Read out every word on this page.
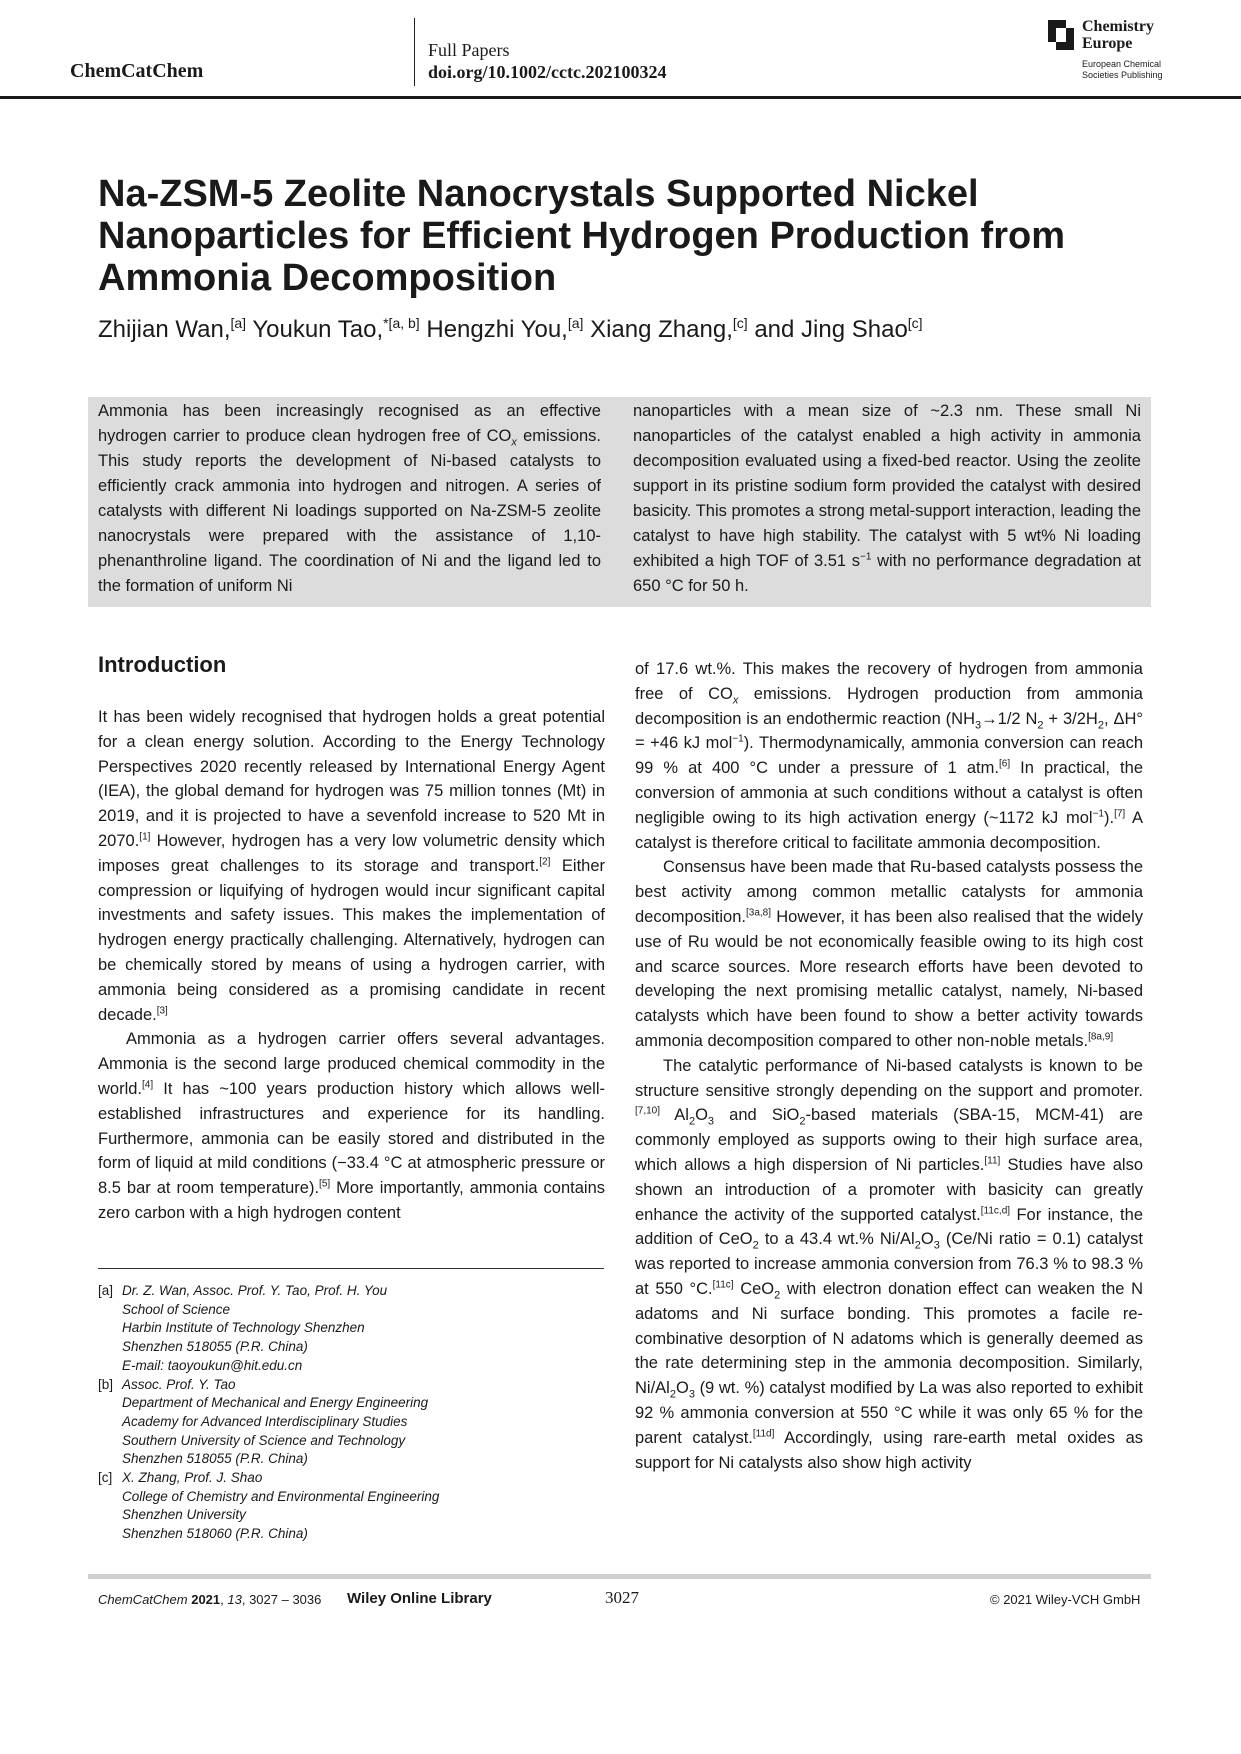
ChemCatChem
Full Papers
doi.org/10.1002/cctc.202100324
Chemistry
Europe
European Chemical
Societies Publishing
Na-ZSM-5 Zeolite Nanocrystals Supported Nickel Nanoparticles for Efficient Hydrogen Production from Ammonia Decomposition
Zhijian Wan,[a] Youkun Tao,$^{*[a, b]}$ Hengzhi You,[a] Xiang Zhang,[c] and Jing Shao[c]

Ammonia has been increasingly recognised as an effective hydrogen carrier to produce clean hydrogen free of $CO_x$ emissions. This study reports the development of Ni-based catalysts to efficiently crack ammonia into hydrogen and nitrogen. A series of catalysts with different Ni loadings supported on Na-ZSM-5 zeolite nanocrystals were prepared with the assistance of 1,10-phenanthroline ligand. The coordination of Ni and the ligand led to the formation of uniform Ni

nanoparticles with a mean size of ~2.3 nm. These small Ni nanoparticles of the catalyst enabled a high activity in ammonia decomposition evaluated using a fixed-bed reactor. Using the zeolite support in its pristine sodium form provided the catalyst with desired basicity. This promotes a strong metal-support interaction, leading the catalyst to have high stability. The catalyst with 5 wt% Ni loading exhibited a high TOF of 3.51 $s^{-1}$ with no performance degradation at 650 °C for 50 h.

Introduction

It has been widely recognised that hydrogen holds a great potential for a clean energy solution. According to the Energy Technology Perspectives 2020 recently released by International Energy Agent (IEA), the global demand for hydrogen was 75 million tonnes (Mt) in 2019, and it is projected to have a sevenfold increase to 520 Mt in 2070.[1] However, hydrogen has a very low volumetric density which imposes great challenges to its storage and transport.[2] Either compression or liquifying of hydrogen would incur significant capital investments and safety issues. This makes the implementation of hydrogen energy practically challenging. Alternatively, hydrogen can be chemically stored by means of using a hydrogen carrier, with ammonia being considered as a promising candidate in recent decade.[3]

Ammonia as a hydrogen carrier offers several advantages. Ammonia is the second large produced chemical commodity in the world.[4] It has ~100 years production history which allows well-established infrastructures and experience for its handling. Furthermore, ammonia can be easily stored and distributed in the form of liquid at mild conditions (−33.4 °C at atmospheric pressure or 8.5 bar at room temperature).[5] More importantly, ammonia contains zero carbon with a high hydrogen content

[a] Dr. Z. Wan, Assoc. Prof. Y. Tao, Prof. H. You
School of Science
Harbin Institute of Technology Shenzhen
Shenzhen 518055 (P.R. China)
E-mail: taoyoukun@hit.edu.cn
[b] Assoc. Prof. Y. Tao
Department of Mechanical and Energy Engineering
Academy for Advanced Interdisciplinary Studies
Southern University of Science and Technology
Shenzhen 518055 (P.R. China)
[c] X. Zhang, Prof. J. Shao
College of Chemistry and Environmental Engineering
Shenzhen University
Shenzhen 518060 (P.R. China)

of 17.6 wt.%. This makes the recovery of hydrogen from ammonia free of $CO_x$ emissions. Hydrogen production from ammonia decomposition is an endothermic reaction ($NH_3\to 1/2$ $N_2 + 3/2H_2$, ΔH° = +46 kJ mol$^{-1}$). Thermodynamically, ammonia conversion can reach 99 % at 400 °C under a pressure of 1 atm.[6] In practical, the conversion of ammonia at such conditions without a catalyst is often negligible owing to its high activation energy (~1172 kJ mol$^{-1}$).[7] A catalyst is therefore critical to facilitate ammonia decomposition.

Consensus have been made that Ru-based catalysts possess the best activity among common metallic catalysts for ammonia decomposition.[3a,8] However, it has been also realised that the widely use of Ru would be not economically feasible owing to its high cost and scarce sources. More research efforts have been devoted to developing the next promising metallic catalyst, namely, Ni-based catalysts which have been found to show a better activity towards ammonia decomposition compared to other non-noble metals.[8a,9]

The catalytic performance of Ni-based catalysts is known to be structure sensitive strongly depending on the support and promoter.[7,10] $Al_2O_3$ and SiO$_2$-based materials (SBA-15, MCM-41) are commonly employed as supports owing to their high surface area, which allows a high dispersion of Ni particles.[11] Studies have also shown an introduction of a promoter with basicity can greatly enhance the activity of the supported catalyst.[11c,d] For instance, the addition of CeO$_2$ to a 43.4 wt.% $Ni/Al_2O_3$ (Ce/Ni ratio = 0.1) catalyst was reported to increase ammonia conversion from 76.3 % to 98.3 % at 550 °C.[11c] CeO$_2$ with electron donation effect can weaken the N adatoms and Ni surface bonding. This promotes a facile re-combinative desorption of N adatoms which is generally deemed as the rate determining step in the ammonia decomposition. Similarly, $Ni/Al_2O_3$ (9 wt. %) catalyst modified by La was also reported to exhibit 92 % ammonia conversion at 550 °C while it was only 65 % for the parent catalyst.[11d] Accordingly, using rare-earth metal oxides as support for Ni catalysts also show high activity

ChemCatChem 2021, 13, 3027 – 3036 Wiley Online Library	3027	© 2021 Wiley-VCH GmbH
